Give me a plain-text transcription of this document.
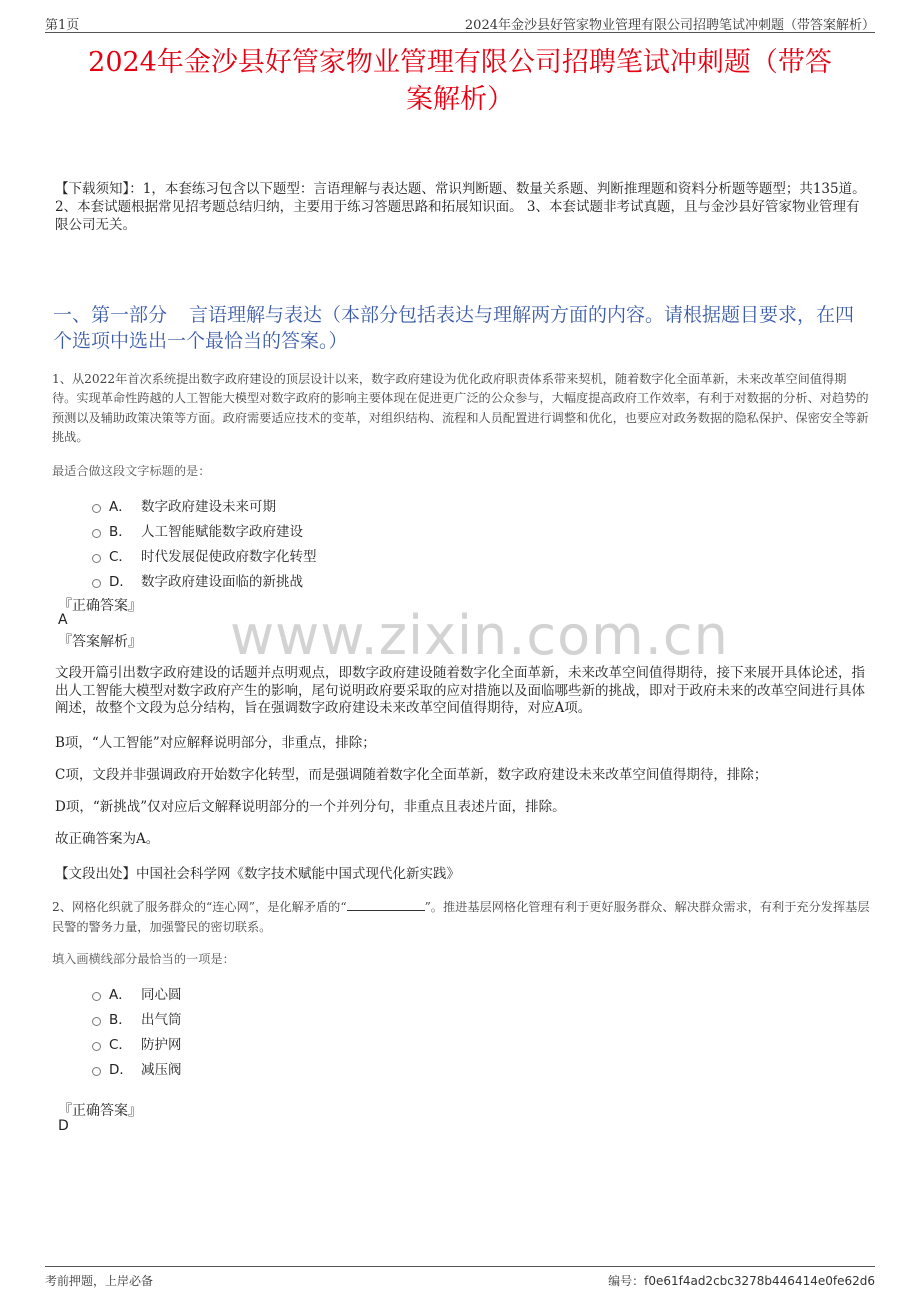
第1页	2024年金沙县好管家物业管理有限公司招聘笔试冲刺题（带答案解析）
2024年金沙县好管家物业管理有限公司招聘笔试冲刺题（带答
案解析）
【下载须知】：1，本套练习包含以下题型：言语理解与表达题、常识判断题、数量关系题、判断推理题和资料分析题等题型；共135道。 2、本套试题根据常见招考题总结归纳，主要用于练习答题思路和拓展知识面。 3、本套试题非考试真题，且与金沙县好管家物业管理有限公司无关。
一、第一部分 言语理解与表达（本部分包括表达与理解两方面的内容。请根据题目要求，在四个选项中选出一个最恰当的答案。）
1、从2022年首次系统提出数字政府建设的顶层设计以来，数字政府建设为优化政府职责体系带来契机，随着数字化全面革新，未来改革空间值得期待。实现革命性跨越的人工智能大模型对数字政府的影响主要体现在促进更广泛的公众参与，大幅度提高政府工作效率，有利于对数据的分析、对趋势的预测以及辅助政策决策等方面。政府需要适应技术的变革，对组织结构、流程和人员配置进行调整和优化，也要应对政务数据的隐私保护、保密安全等新挑战。
最适合做这段文字标题的是：
A． 数字政府建设未来可期
B． 人工智能赋能数字政府建设
C． 时代发展促使政府数字化转型
D． 数字政府建设面临的新挑战
『正确答案』
A
『答案解析』 www.zixin.com.cn
文段开篇引出数字政府建设的话题并点明观点，即数字政府建设随着数字化全面革新，未来改革空间值得期待，接下来展开具体论述，指出人工智能大模型对数字政府产生的影响，尾句说明政府要采取的应对措施以及面临哪些新的挑战，即对于政府未来的改革空间进行具体阐述，故整个文段为总分结构，旨在强调数字政府建设未来改革空间值得期待，对应A项。
B项，“人工智能”对应解释说明部分，非重点，排除；
C项，文段并非强调政府开始数字化转型，而是强调随着数字化全面革新，数字政府建设未来改革空间值得期待，排除；
D项，“新挑战”仅对应后文解释说明部分的一个并列分句，非重点且表述片面，排除。
故正确答案为A。
【文段出处】中国社会科学网《数字技术赋能中国式现代化新实践》
2、网格化织就了服务群众的“连心网”，是化解矛盾的“	”。推进基层网格化管理有利于更好服务群众、解决群众需求，有利于充分发挥基层民警的警务力量，加强警民的密切联系。
填入画横线部分最恰当的一项是：
A． 同心圆
B． 出气筒
C． 防护网
D． 减压阀
『正确答案』
D
考前押题，上岸必备	编号：f0e61f4ad2cbc3278b446414e0fe62d6
